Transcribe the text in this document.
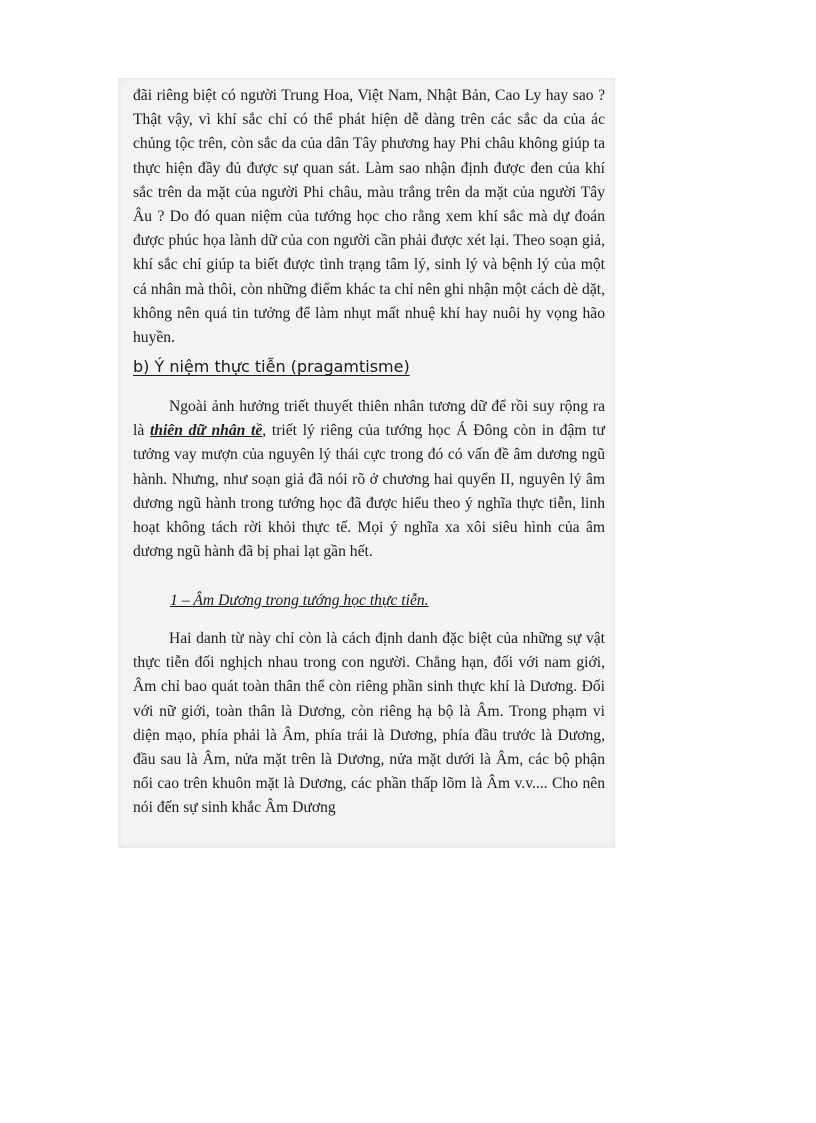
đãi riêng biệt có người Trung Hoa, Việt Nam, Nhật Bản, Cao Ly hay sao ? Thật vậy, vì khí sắc chỉ có thể phát hiện dễ dàng trên các sắc da của ác chủng tộc trên, còn sắc da của dân Tây phương hay Phi châu không giúp ta thực hiện đầy đủ được sự quan sát. Làm sao nhận định được đen của khí sắc trên da mặt của người Phi châu, màu trắng trên da mặt của người Tây Âu ? Do đó quan niệm của tướng học cho rằng xem khí sắc mà dự đoán được phúc họa lành dữ của con người cần phải được xét lại. Theo soạn giả, khí sắc chỉ giúp ta biết được tình trạng tâm lý, sinh lý và bệnh lý của một cá nhân mà thôi, còn những điểm khác ta chỉ nên ghi nhận một cách dè dặt, không nên quá tin tưởng để làm nhụt mất nhuệ khí hay nuôi hy vọng hão huyền.

b) Ý niệm thực tiễn (pragamtisme)

Ngoài ảnh hưởng triết thuyết thiên nhân tương dữ để rồi suy rộng ra là thiên dữ nhân tề, triết lý riêng của tướng học Á Đông còn in đậm tư tưởng vay mượn của nguyên lý thái cực trong đó có vấn đề âm dương ngũ hành. Nhưng, như soạn giả đã nói rõ ở chương hai quyển II, nguyên lý âm dương ngũ hành trong tướng học đã được hiểu theo ý nghĩa thực tiễn, linh hoạt không tách rời khỏi thực tế. Mọi ý nghĩa xa xôi siêu hình của âm dương ngũ hành đã bị phai lạt gần hết.

1 – Âm Dương trong tướng học thực tiễn.

Hai danh từ này chỉ còn là cách định danh đặc biệt của những sự vật thực tiễn đối nghịch nhau trong con người. Chẳng hạn, đối với nam giới, Âm chỉ bao quát toàn thân thể còn riêng phần sinh thực khí là Dương. Đối với nữ giới, toàn thân là Dương, còn riêng hạ bộ là Âm. Trong phạm vi diện mạo, phía phải là Âm, phía trái là Dương, phía đầu trước là Dương, đầu sau là Âm, nửa mặt trên là Dương, nửa mặt dưới là Âm, các bộ phận nổi cao trên khuôn mặt là Dương, các phần thấp lõm là Âm v.v.... Cho nên nói đến sự sinh khắc Âm Dương
